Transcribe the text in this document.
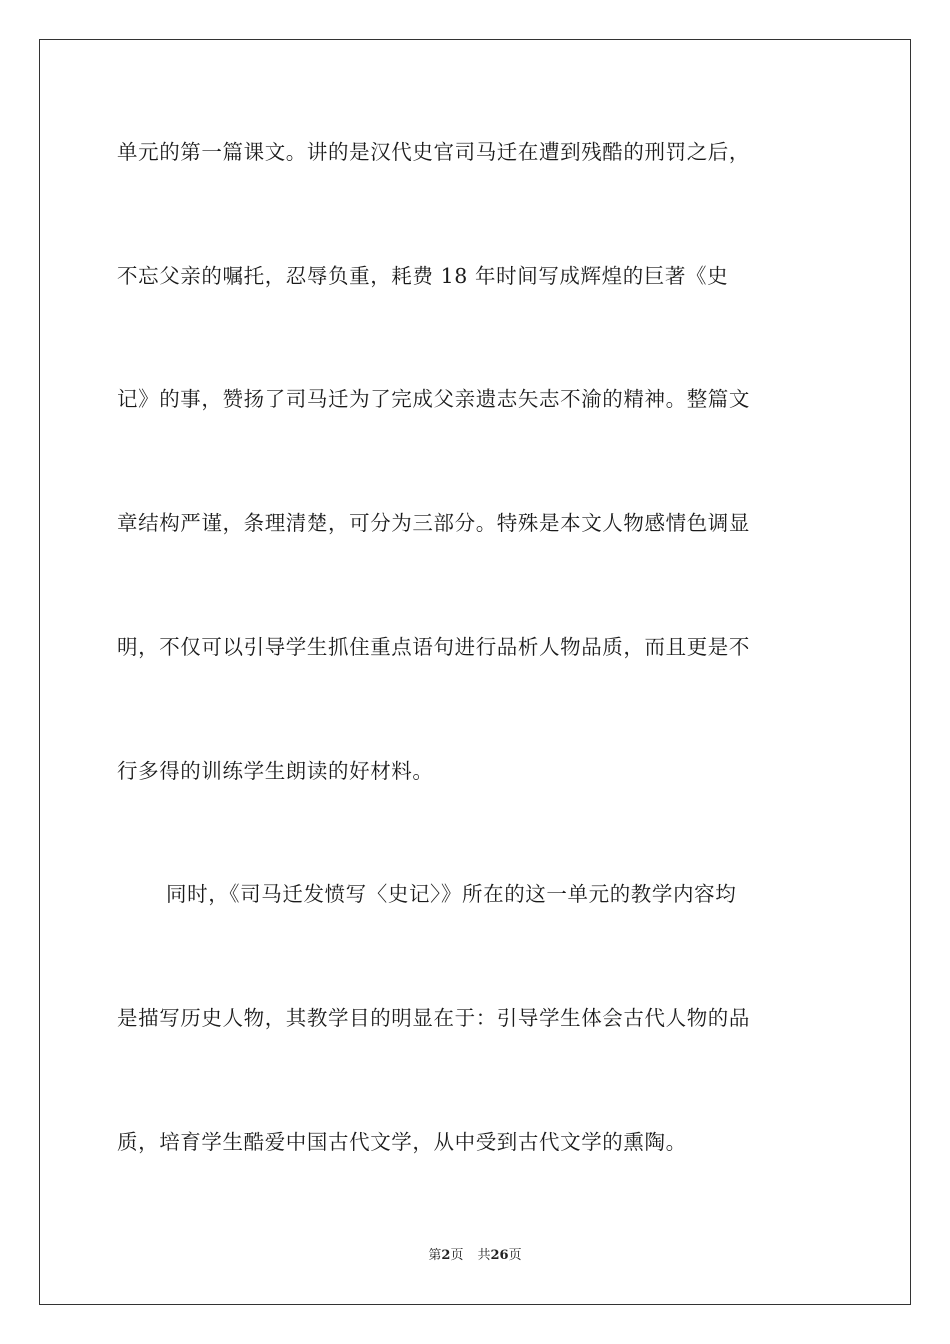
单元的第一篇课文。讲的是汉代史官司马迁在遭到残酷的刑罚之后，
不忘父亲的嘱托，忍辱负重，耗费 18 年时间写成辉煌的巨著《史
记》的事，赞扬了司马迁为了完成父亲遗志矢志不渝的精神。整篇文
章结构严谨，条理清楚，可分为三部分。特殊是本文人物感情色调显
明，不仅可以引导学生抓住重点语句进行品析人物品质，而且更是不
行多得的训练学生朗读的好材料。
同时，《司马迁发愤写〈史记〉》所在的这一单元的教学内容均
是描写历史人物，其教学目的明显在于：引导学生体会古代人物的品
质，培育学生酷爱中国古代文学，从中受到古代文学的熏陶。
第2页 共26页
